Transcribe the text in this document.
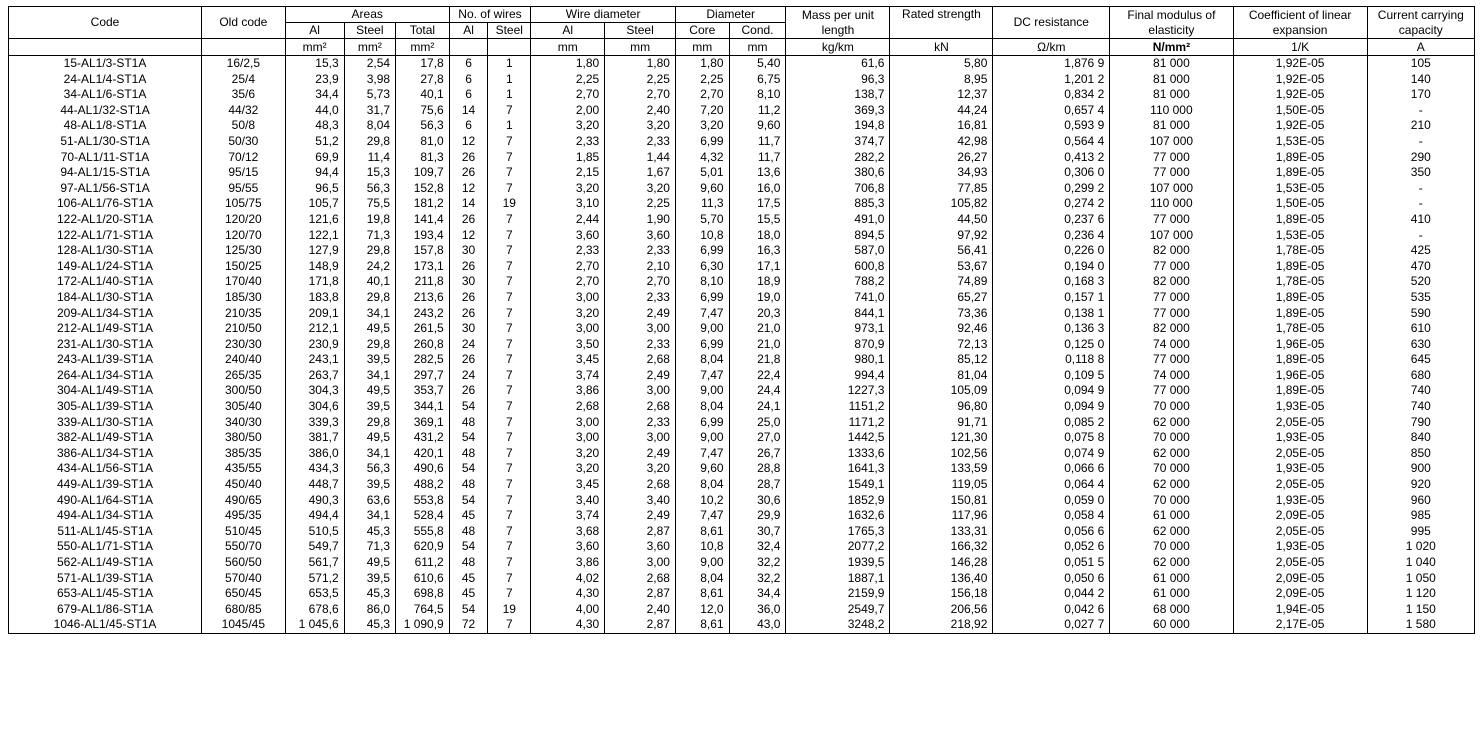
Code	Old code	Areas			No. of wires		Wire diameter		Diameter		Mass per unit length	Rated strength	DC resistance	Final modulus of elasticity	Coefficient of linear expansion	Current carrying capacity
		Al	Steel	Total	Al	Steel	Al	Steel	Core	Cond.						
		mm²	mm²	mm²			mm	mm	mm	mm	kg/km	kN	Ω/km	N/mm²	1/K	A
15-AL1/3-ST1A	16/2,5	15,3	2,54	17,8	6	1	1,80	1,80	1,80	5,40	61,6	5,80	1,876 9	81 000	1,92E-05	105
24-AL1/4-ST1A	25/4	23,9	3,98	27,8	6	1	2,25	2,25	2,25	6,75	96,3	8,95	1,201 2	81 000	1,92E-05	140
34-AL1/6-ST1A	35/6	34,4	5,73	40,1	6	1	2,70	2,70	2,70	8,10	138,7	12,37	0,834 2	81 000	1,92E-05	170
44-AL1/32-ST1A	44/32	44,0	31,7	75,6	14	7	2,00	2,40	7,20	11,2	369,3	44,24	0,657 4	110 000	1,50E-05	-
48-AL1/8-ST1A	50/8	48,3	8,04	56,3	6	1	3,20	3,20	3,20	9,60	194,8	16,81	0,593 9	81 000	1,92E-05	210
51-AL1/30-ST1A	50/30	51,2	29,8	81,0	12	7	2,33	2,33	6,99	11,7	374,7	42,98	0,564 4	107 000	1,53E-05	-
70-AL1/11-ST1A	70/12	69,9	11,4	81,3	26	7	1,85	1,44	4,32	11,7	282,2	26,27	0,413 2	77 000	1,89E-05	290
94-AL1/15-ST1A	95/15	94,4	15,3	109,7	26	7	2,15	1,67	5,01	13,6	380,6	34,93	0,306 0	77 000	1,89E-05	350
97-AL1/56-ST1A	95/55	96,5	56,3	152,8	12	7	3,20	3,20	9,60	16,0	706,8	77,85	0,299 2	107 000	1,53E-05	-
106-AL1/76-ST1A	105/75	105,7	75,5	181,2	14	19	3,10	2,25	11,3	17,5	885,3	105,82	0,274 2	110 000	1,50E-05	-
122-AL1/20-ST1A	120/20	121,6	19,8	141,4	26	7	2,44	1,90	5,70	15,5	491,0	44,50	0,237 6	77 000	1,89E-05	410
122-AL1/71-ST1A	120/70	122,1	71,3	193,4	12	7	3,60	3,60	10,8	18,0	894,5	97,92	0,236 4	107 000	1,53E-05	-
128-AL1/30-ST1A	125/30	127,9	29,8	157,8	30	7	2,33	2,33	6,99	16,3	587,0	56,41	0,226 0	82 000	1,78E-05	425
149-AL1/24-ST1A	150/25	148,9	24,2	173,1	26	7	2,70	2,10	6,30	17,1	600,8	53,67	0,194 0	77 000	1,89E-05	470
172-AL1/40-ST1A	170/40	171,8	40,1	211,8	30	7	2,70	2,70	8,10	18,9	788,2	74,89	0,168 3	82 000	1,78E-05	520
184-AL1/30-ST1A	185/30	183,8	29,8	213,6	26	7	3,00	2,33	6,99	19,0	741,0	65,27	0,157 1	77 000	1,89E-05	535
209-AL1/34-ST1A	210/35	209,1	34,1	243,2	26	7	3,20	2,49	7,47	20,3	844,1	73,36	0,138 1	77 000	1,89E-05	590
212-AL1/49-ST1A	210/50	212,1	49,5	261,5	30	7	3,00	3,00	9,00	21,0	973,1	92,46	0,136 3	82 000	1,78E-05	610
231-AL1/30-ST1A	230/30	230,9	29,8	260,8	24	7	3,50	2,33	6,99	21,0	870,9	72,13	0,125 0	74 000	1,96E-05	630
243-AL1/39-ST1A	240/40	243,1	39,5	282,5	26	7	3,45	2,68	8,04	21,8	980,1	85,12	0,118 8	77 000	1,89E-05	645
264-AL1/34-ST1A	265/35	263,7	34,1	297,7	24	7	3,74	2,49	7,47	22,4	994,4	81,04	0,109 5	74 000	1,96E-05	680
304-AL1/49-ST1A	300/50	304,3	49,5	353,7	26	7	3,86	3,00	9,00	24,4	1227,3	105,09	0,094 9	77 000	1,89E-05	740
305-AL1/39-ST1A	305/40	304,6	39,5	344,1	54	7	2,68	2,68	8,04	24,1	1151,2	96,80	0,094 9	70 000	1,93E-05	740
339-AL1/30-ST1A	340/30	339,3	29,8	369,1	48	7	3,00	2,33	6,99	25,0	1171,2	91,71	0,085 2	62 000	2,05E-05	790
382-AL1/49-ST1A	380/50	381,7	49,5	431,2	54	7	3,00	3,00	9,00	27,0	1442,5	121,30	0,075 8	70 000	1,93E-05	840
386-AL1/34-ST1A	385/35	386,0	34,1	420,1	48	7	3,20	2,49	7,47	26,7	1333,6	102,56	0,074 9	62 000	2,05E-05	850
434-AL1/56-ST1A	435/55	434,3	56,3	490,6	54	7	3,20	3,20	9,60	28,8	1641,3	133,59	0,066 6	70 000	1,93E-05	900
449-AL1/39-ST1A	450/40	448,7	39,5	488,2	48	7	3,45	2,68	8,04	28,7	1549,1	119,05	0,064 4	62 000	2,05E-05	920
490-AL1/64-ST1A	490/65	490,3	63,6	553,8	54	7	3,40	3,40	10,2	30,6	1852,9	150,81	0,059 0	70 000	1,93E-05	960
494-AL1/34-ST1A	495/35	494,4	34,1	528,4	45	7	3,74	2,49	7,47	29,9	1632,6	117,96	0,058 4	61 000	2,09E-05	985
511-AL1/45-ST1A	510/45	510,5	45,3	555,8	48	7	3,68	2,87	8,61	30,7	1765,3	133,31	0,056 6	62 000	2,05E-05	995
550-AL1/71-ST1A	550/70	549,7	71,3	620,9	54	7	3,60	3,60	10,8	32,4	2077,2	166,32	0,052 6	70 000	1,93E-05	1 020
562-AL1/49-ST1A	560/50	561,7	49,5	611,2	48	7	3,86	3,00	9,00	32,2	1939,5	146,28	0,051 5	62 000	2,05E-05	1 040
571-AL1/39-ST1A	570/40	571,2	39,5	610,6	45	7	4,02	2,68	8,04	32,2	1887,1	136,40	0,050 6	61 000	2,09E-05	1 050
653-AL1/45-ST1A	650/45	653,5	45,3	698,8	45	7	4,30	2,87	8,61	34,4	2159,9	156,18	0,044 2	61 000	2,09E-05	1 120
679-AL1/86-ST1A	680/85	678,6	86,0	764,5	54	19	4,00	2,40	12,0	36,0	2549,7	206,56	0,042 6	68 000	1,94E-05	1 150
1046-AL1/45-ST1A	1045/45	1 045,6	45,3	1 090,9	72	7	4,30	2,87	8,61	43,0	3248,2	218,92	0,027 7	60 000	2,17E-05	1 580
